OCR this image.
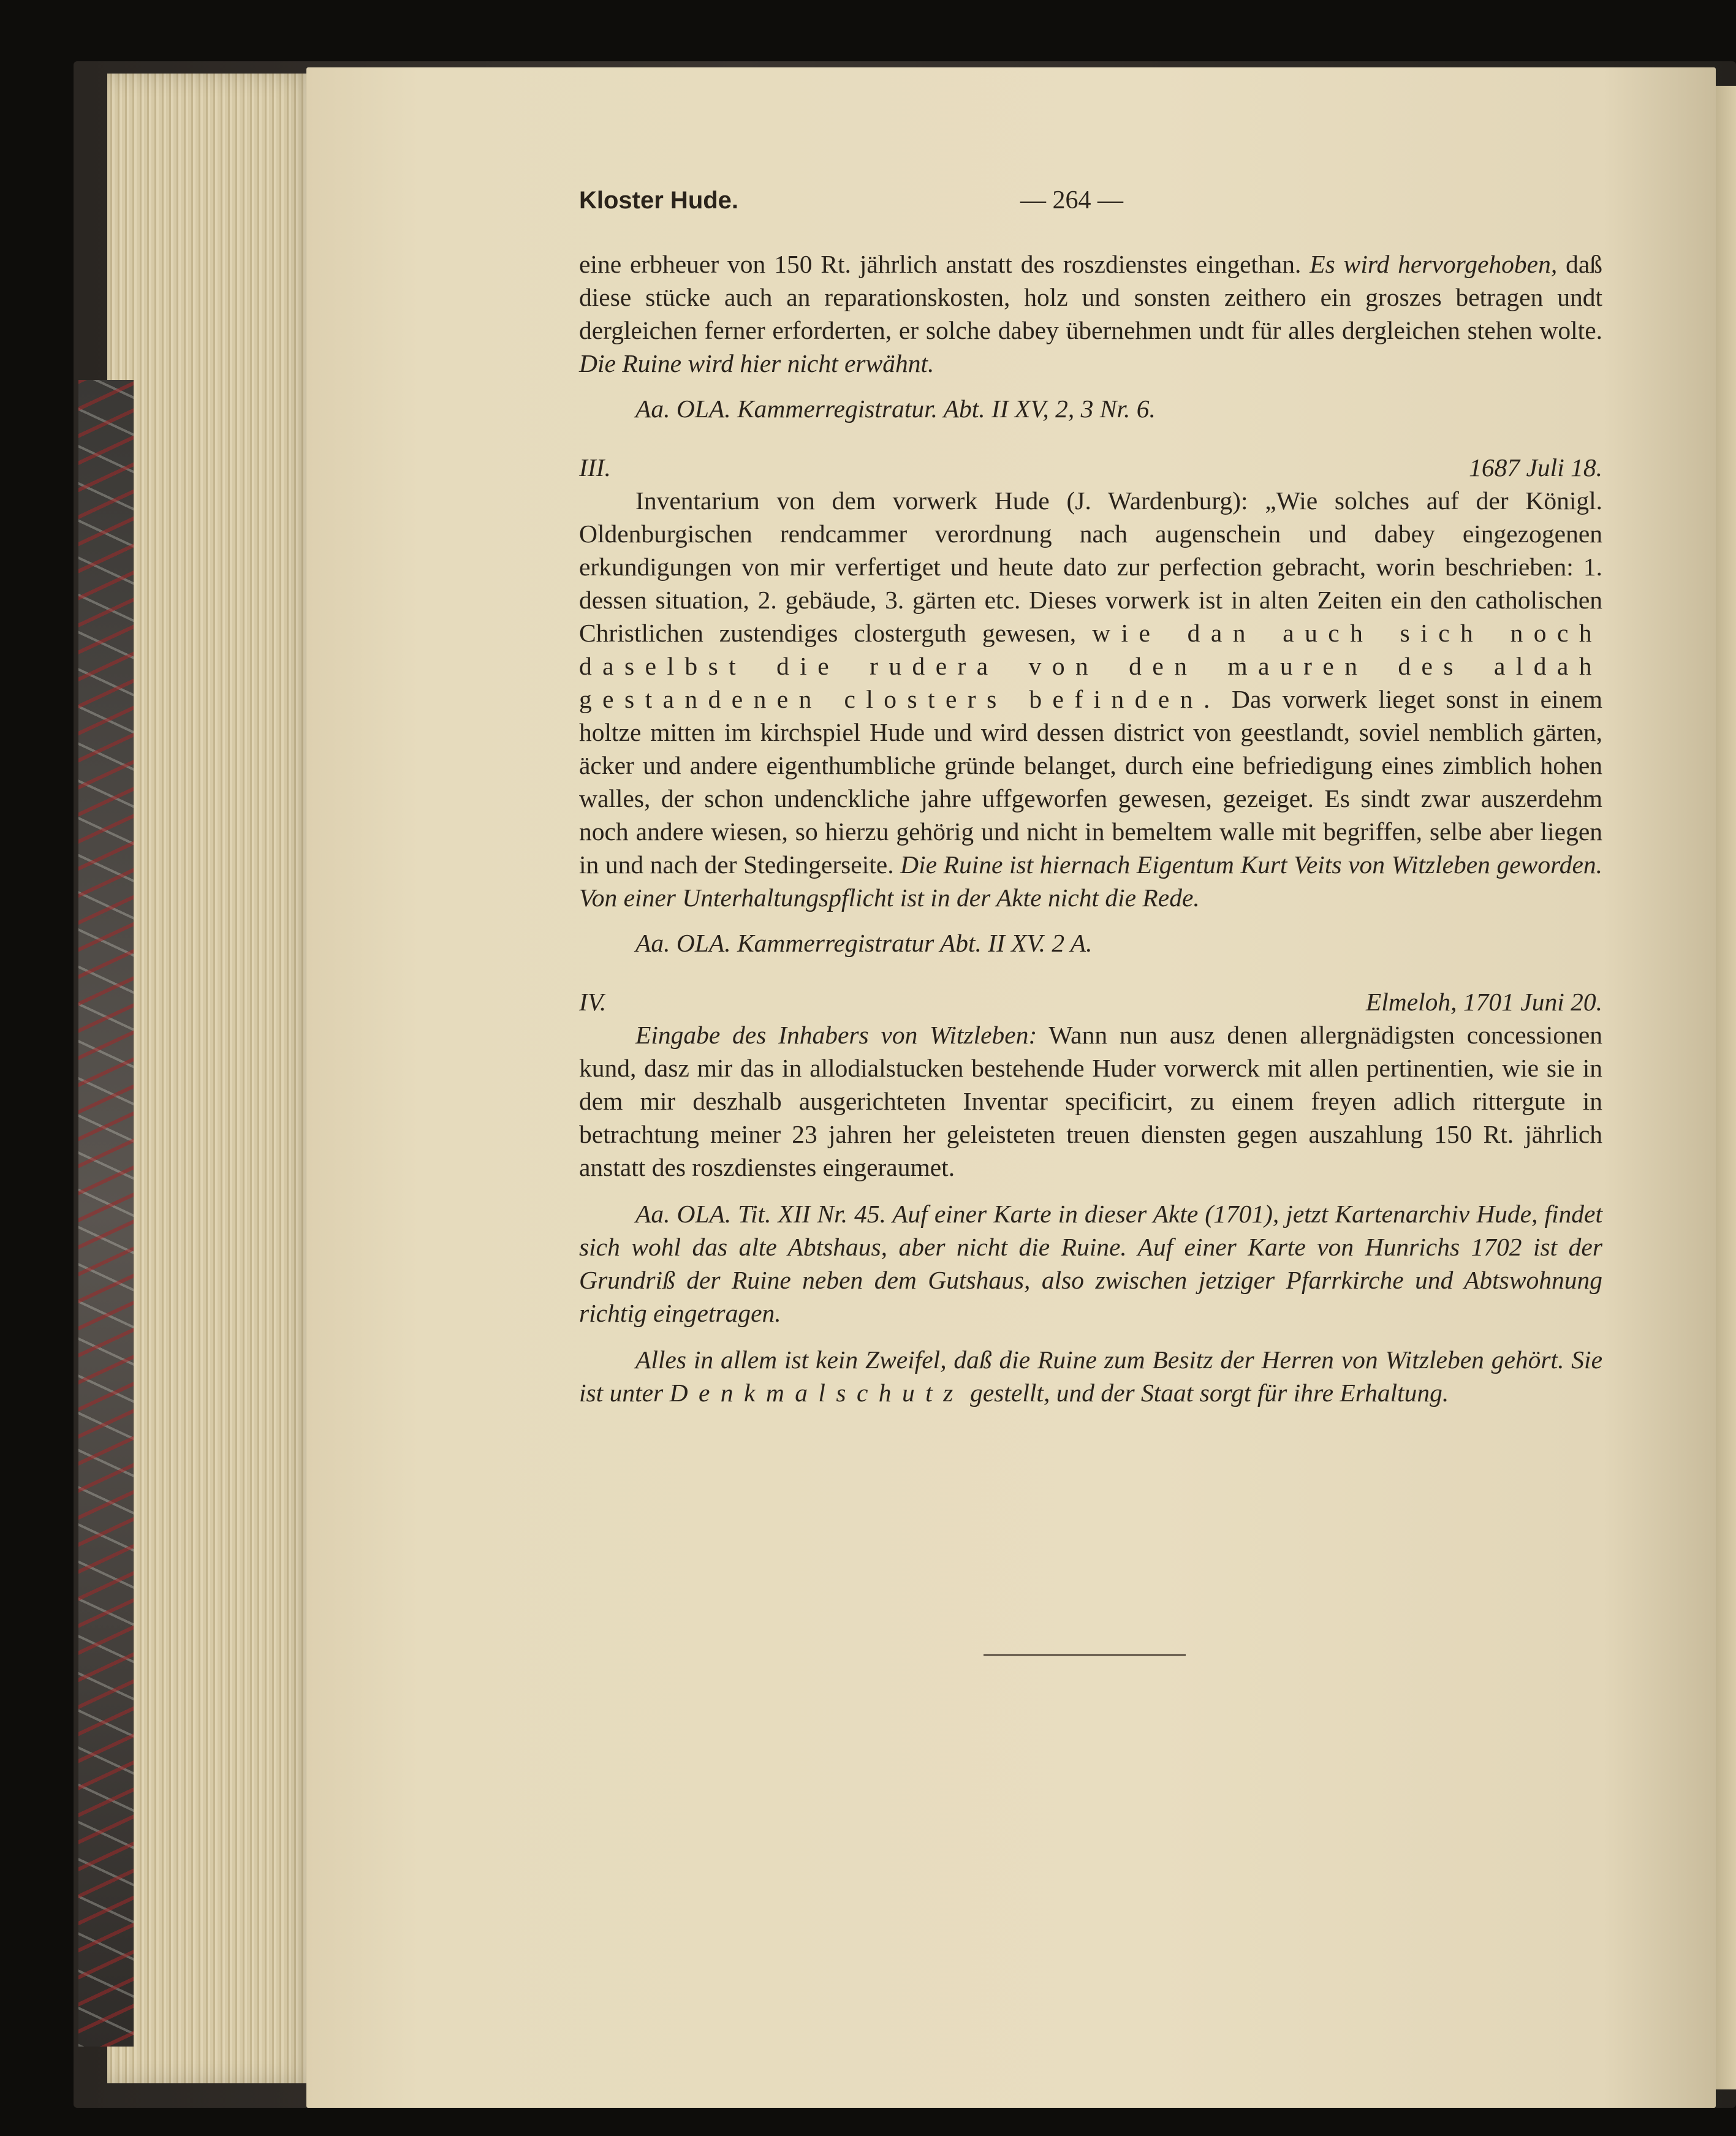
Kloster Hude.	— 264 —

eine erbheuer von 150 Rt. jährlich anstatt des roszdienstes eingethan. Es wird hervorgehoben, daß diese stücke auch an reparationskosten, holz und sonsten zeithero ein groszes betragen undt dergleichen ferner erforderten, er solche dabey übernehmen undt für alles dergleichen stehen wolte. Die Ruine wird hier nicht erwähnt.

Aa. OLA. Kammerregistratur. Abt. II XV, 2, 3 Nr. 6.

III.	1687 Juli 18.

Inventarium von dem vorwerk Hude (J. Wardenburg): „Wie solches auf der Königl. Oldenburgischen rendcammer verordnung nach augenschein und dabey eingezogenen erkundigungen von mir verfertiget und heute dato zur perfection gebracht, worin beschrieben: 1. dessen situation, 2. gebäude, 3. gärten etc. Dieses vorwerk ist in alten Zeiten ein den catholischen Christlichen zustendiges closterguth gewesen, wie dan auch sich noch daselbst die rudera von den mauren des aldah gestandenen closters befinden. Das vorwerk lieget sonst in einem holtze mitten im kirchspiel Hude und wird dessen district von geestlandt, soviel nemblich gärten, äcker und andere eigenthumbliche gründe belanget, durch eine befriedigung eines zimblich hohen walles, der schon undenckliche jahre uffgeworfen gewesen, gezeiget. Es sindt zwar auszerdehm noch andere wiesen, so hierzu gehörig und nicht in bemeltem walle mit begriffen, selbe aber liegen in und nach der Stedingerseite. Die Ruine ist hiernach Eigentum Kurt Veits von Witzleben geworden. Von einer Unterhaltungspflicht ist in der Akte nicht die Rede.

Aa. OLA. Kammerregistratur Abt. II XV. 2 A.

IV.	Elmeloh, 1701 Juni 20.

Eingabe des Inhabers von Witzleben: Wann nun ausz denen allergnädigsten concessionen kund, dasz mir das in allodialstucken bestehende Huder vorwerck mit allen pertinentien, wie sie in dem mir deszhalb ausgerichteten Inventar specificirt, zu einem freyen adlich rittergute in betrachtung meiner 23 jahren her geleisteten treuen diensten gegen auszahlung 150 Rt. jährlich anstatt des roszdienstes eingeraumet.

Aa. OLA. Tit. XII Nr. 45. Auf einer Karte in dieser Akte (1701), jetzt Kartenarchiv Hude, findet sich wohl das alte Abtshaus, aber nicht die Ruine. Auf einer Karte von Hunrichs 1702 ist der Grundriß der Ruine neben dem Gutshaus, also zwischen jetziger Pfarrkirche und Abtswohnung richtig eingetragen.

Alles in allem ist kein Zweifel, daß die Ruine zum Besitz der Herren von Witzleben gehört. Sie ist unter Denkmalschutz gestellt, und der Staat sorgt für ihre Erhaltung.
